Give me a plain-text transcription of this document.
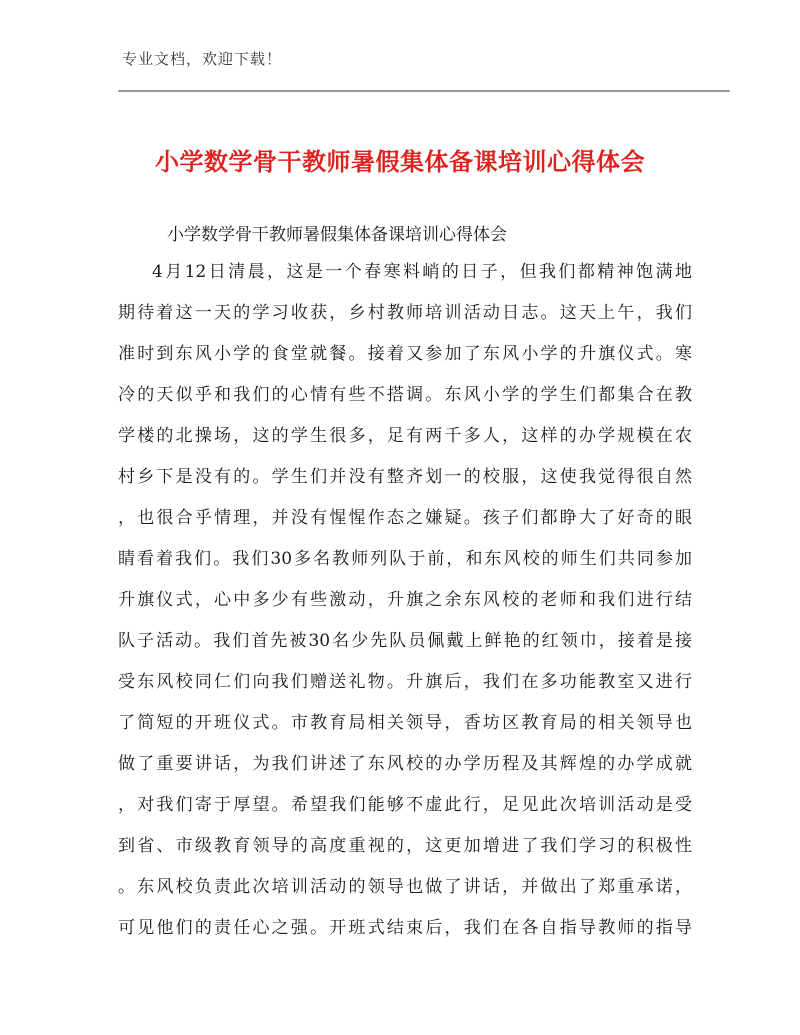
专业文档，欢迎下载！
小学数学骨干教师暑假集体备课培训心得体会
小学数学骨干教师暑假集体备课培训心得体会
4月12日清晨，这是一个春寒料峭的日子，但我们都精神饱满地
期待着这一天的学习收获，乡村教师培训活动日志。这天上午，我们
准时到东风小学的食堂就餐。接着又参加了东风小学的升旗仪式。寒
冷的天似乎和我们的心情有些不搭调。东风小学的学生们都集合在教
学楼的北操场，这的学生很多，足有两千多人，这样的办学规模在农
村乡下是没有的。学生们并没有整齐划一的校服，这使我觉得很自然
，也很合乎情理，并没有惺惺作态之嫌疑。孩子们都睁大了好奇的眼
睛看着我们。我们30多名教师列队于前，和东风校的师生们共同参加
升旗仪式，心中多少有些激动，升旗之余东风校的老师和我们进行结
队子活动。我们首先被30名少先队员佩戴上鲜艳的红领巾，接着是接
受东风校同仁们向我们赠送礼物。升旗后，我们在多功能教室又进行
了简短的开班仪式。市教育局相关领导，香坊区教育局的相关领导也
做了重要讲话，为我们讲述了东风校的办学历程及其辉煌的办学成就
，对我们寄于厚望。希望我们能够不虚此行，足见此次培训活动是受
到省、市级教育领导的高度重视的，这更加增进了我们学习的积极性
。东风校负责此次培训活动的领导也做了讲话，并做出了郑重承诺，
可见他们的责任心之强。开班式结束后，我们在各自指导教师的指导
